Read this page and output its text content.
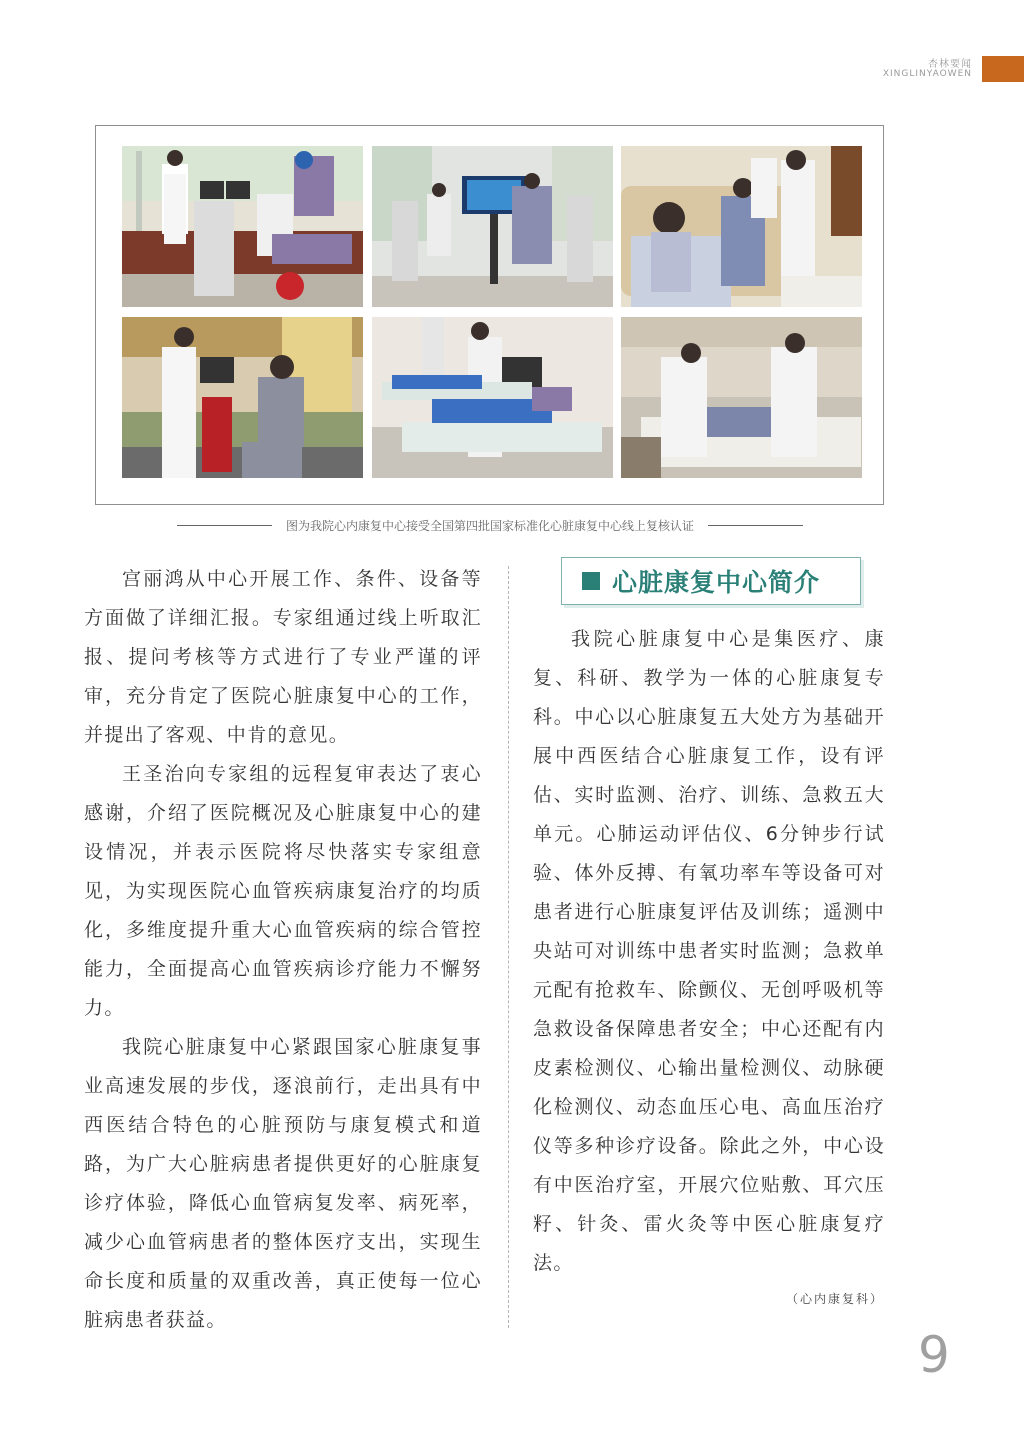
杏林要闻
XINGLINYAOWEN
图为我院心内康复中心接受全国第四批国家标准化心脏康复中心线上复核认证

宫丽鸿从中心开展工作、条件、设备等方面做了详细汇报。专家组通过线上听取汇报、提问考核等方式进行了专业严谨的评审，充分肯定了医院心脏康复中心的工作，并提出了客观、中肯的意见。

王圣治向专家组的远程复审表达了衷心感谢，介绍了医院概况及心脏康复中心的建设情况，并表示医院将尽快落实专家组意见，为实现医院心血管疾病康复治疗的均质化，多维度提升重大心血管疾病的综合管控能力，全面提高心血管疾病诊疗能力不懈努力。

我院心脏康复中心紧跟国家心脏康复事业高速发展的步伐，逐浪前行，走出具有中西医结合特色的心脏预防与康复模式和道路，为广大心脏病患者提供更好的心脏康复诊疗体验，降低心血管病复发率、病死率，减少心血管病患者的整体医疗支出，实现生命长度和质量的双重改善，真正使每一位心脏病患者获益。

心脏康复中心简介

我院心脏康复中心是集医疗、康复、科研、教学为一体的心脏康复专科。中心以心脏康复五大处方为基础开展中西医结合心脏康复工作，设有评估、实时监测、治疗、训练、急救五大单元。心肺运动评估仪、6分钟步行试验、体外反搏、有氧功率车等设备可对患者进行心脏康复评估及训练；遥测中央站可对训练中患者实时监测；急救单元配有抢救车、除颤仪、无创呼吸机等急救设备保障患者安全；中心还配有内皮素检测仪、心输出量检测仪、动脉硬化检测仪、动态血压心电、高血压治疗仪等多种诊疗设备。除此之外，中心设有中医治疗室，开展穴位贴敷、耳穴压籽、针灸、雷火灸等中医心脏康复疗法。

（心内康复科）
9
